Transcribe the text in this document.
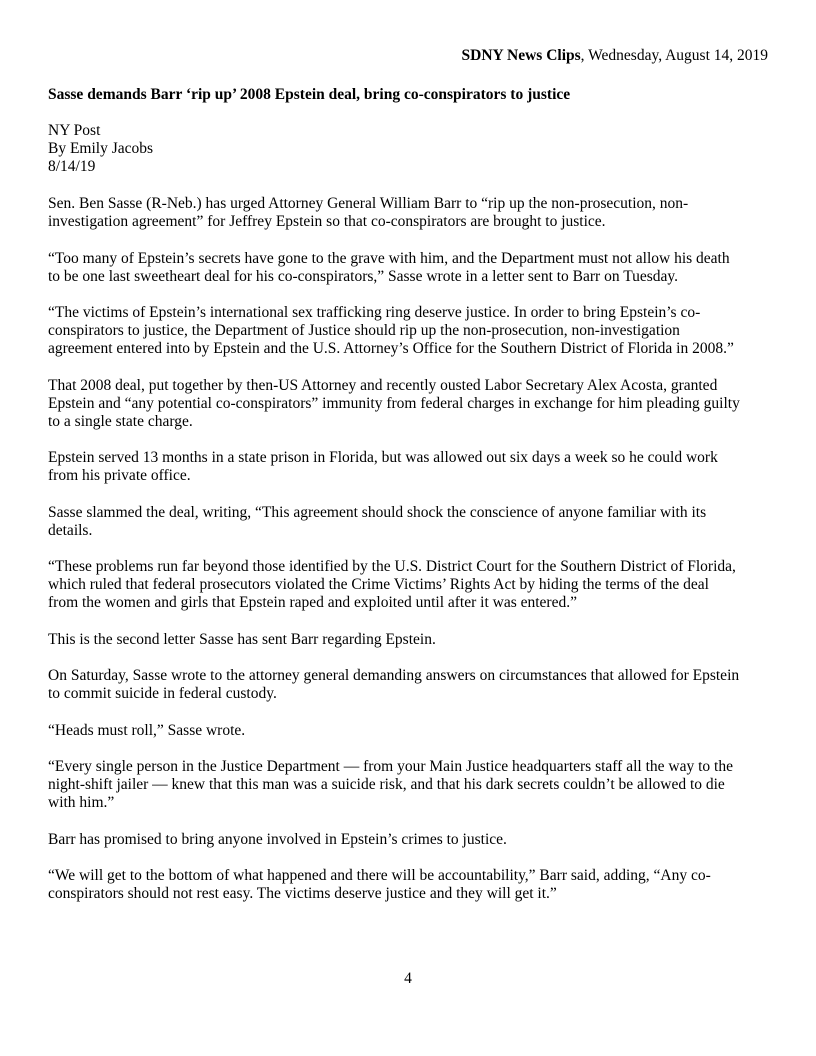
SDNY News Clips, Wednesday, August 14, 2019
Sasse demands Barr ‘rip up’ 2008 Epstein deal, bring co-conspirators to justice
NY Post
By Emily Jacobs
8/14/19

Sen. Ben Sasse (R-Neb.) has urged Attorney General William Barr to “rip up the non-prosecution, non-
investigation agreement” for Jeffrey Epstein so that co-conspirators are brought to justice.

“Too many of Epstein’s secrets have gone to the grave with him, and the Department must not allow his death
to be one last sweetheart deal for his co-conspirators,” Sasse wrote in a letter sent to Barr on Tuesday.

“The victims of Epstein’s international sex trafficking ring deserve justice. In order to bring Epstein’s co-
conspirators to justice, the Department of Justice should rip up the non-prosecution, non-investigation
agreement entered into by Epstein and the U.S. Attorney’s Office for the Southern District of Florida in 2008.”

That 2008 deal, put together by then-US Attorney and recently ousted Labor Secretary Alex Acosta, granted
Epstein and “any potential co-conspirators” immunity from federal charges in exchange for him pleading guilty
to a single state charge.

Epstein served 13 months in a state prison in Florida, but was allowed out six days a week so he could work
from his private office.

Sasse slammed the deal, writing, “This agreement should shock the conscience of anyone familiar with its
details.

“These problems run far beyond those identified by the U.S. District Court for the Southern District of Florida,
which ruled that federal prosecutors violated the Crime Victims’ Rights Act by hiding the terms of the deal
from the women and girls that Epstein raped and exploited until after it was entered.”

This is the second letter Sasse has sent Barr regarding Epstein.

On Saturday, Sasse wrote to the attorney general demanding answers on circumstances that allowed for Epstein
to commit suicide in federal custody.

“Heads must roll,” Sasse wrote.

“Every single person in the Justice Department — from your Main Justice headquarters staff all the way to the
night-shift jailer — knew that this man was a suicide risk, and that his dark secrets couldn’t be allowed to die
with him.”

Barr has promised to bring anyone involved in Epstein’s crimes to justice.

“We will get to the bottom of what happened and there will be accountability,” Barr said, adding, “Any co-
conspirators should not rest easy. The victims deserve justice and they will get it.”

4
